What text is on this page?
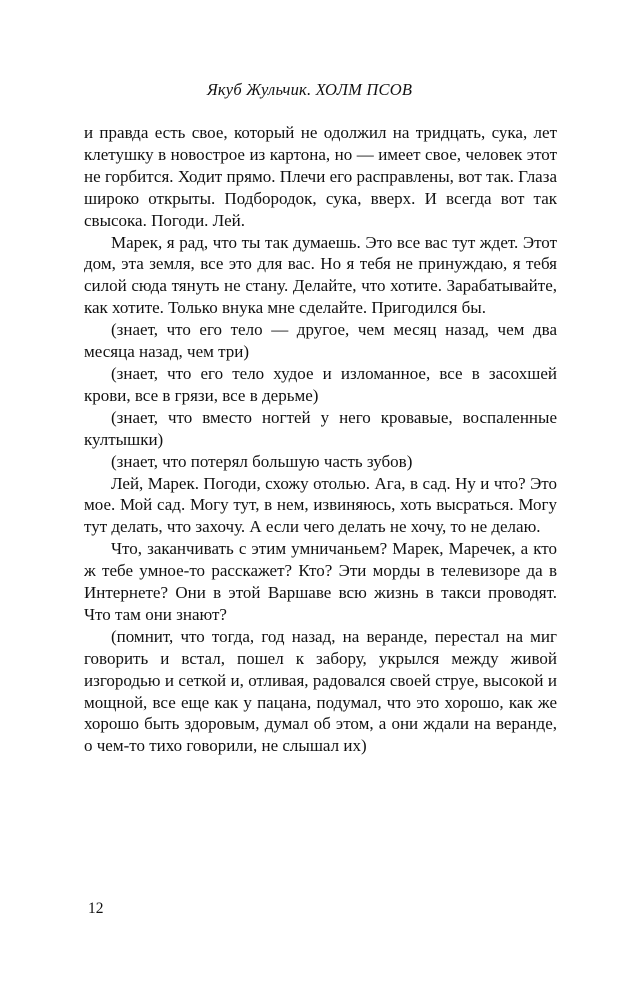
Якуб Жульчик. ХОЛМ ПСОВ

и правда есть свое, который не одолжил на тридцать, сука, лет клетушку в новострое из картона, но — имеет свое, человек этот не горбится. Ходит прямо. Плечи его расправлены, вот так. Глаза широко открыты. Подбородок, сука, вверх. И всегда вот так свысока. Погоди. Лей.

Марек, я рад, что ты так думаешь. Это все вас тут ждет. Этот дом, эта земля, все это для вас. Но я тебя не принуждаю, я тебя силой сюда тянуть не стану. Делайте, что хотите. Зарабатывайте, как хотите. Только внука мне сделайте. Пригодился бы.

(знает, что его тело — другое, чем месяц назад, чем два месяца назад, чем три)

(знает, что его тело худое и изломанное, все в засохшей крови, все в грязи, все в дерьме)

(знает, что вместо ногтей у него кровавые, воспаленные култышки)

(знает, что потерял большую часть зубов)

Лей, Марек. Погоди, схожу отолью. Ага, в сад. Ну и что? Это мое. Мой сад. Могу тут, в нем, извиняюсь, хоть высраться. Могу тут делать, что захочу. А если чего делать не хочу, то не делаю.

Что, заканчивать с этим умничаньем? Марек, Маречек, а кто ж тебе умное-то расскажет? Кто? Эти морды в телевизоре да в Интернете? Они в этой Варшаве всю жизнь в такси проводят. Что там они знают?

(помнит, что тогда, год назад, на веранде, перестал на миг говорить и встал, пошел к забору, укрылся между живой изгородью и сеткой и, отливая, радовался своей струе, высокой и мощной, все еще как у пацана, подумал, что это хорошо, как же хорошо быть здоровым, думал об этом, а они ждали на веранде, о чем-то тихо говорили, не слышал их)

12
